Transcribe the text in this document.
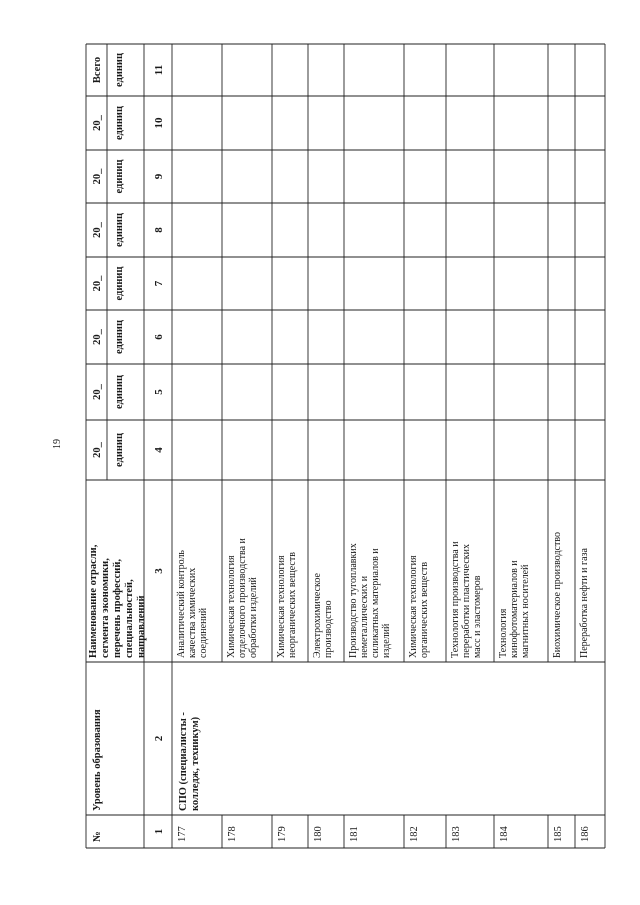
№
Уровень образования
Наименование отрасли, сегмента экономики, перечень профессий, специальностей, направлений
20_ единиц
20_ единиц
20_ единиц
20_ единиц
20_ единиц
20_ единиц
20_ единиц
Всего единиц
1
2
3
4
5
6
7
8
9
10
11
СПО (специалисты - колледж, техникум)
177
Аналитический контроль качества химических соединений
178
Химическая технология отделочного производства и обработки изделий
179
Химическая технология неорганических веществ
180
Электрохимическое производство
181
Производство тугоплавких неметаллических и силикатных материалов и изделий
182
Химическая технология органических веществ
183
Технология производства и переработки пластических масс и эластомеров
184
Технология кинофотоматериалов и магнитных носителей
185
Биохимическое производство
186
Переработка нефти и газа
19
